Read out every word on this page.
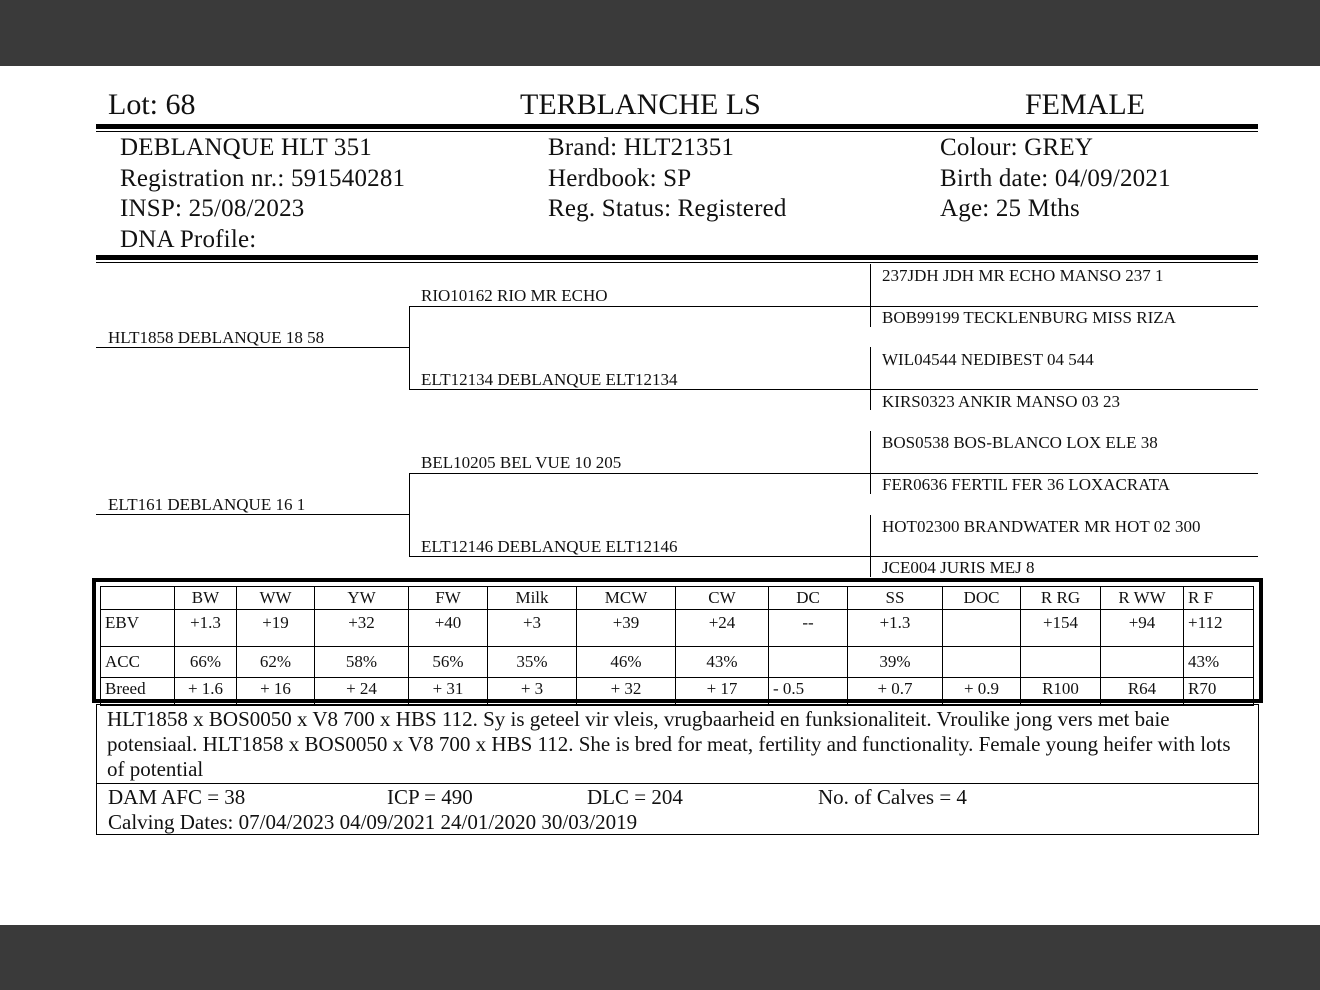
Lot: 68	TERBLANCHE LS	FEMALE
DEBLANQUE HLT 351
Registration nr.: 591540281
INSP: 25/08/2023
DNA Profile:
Brand: HLT21351
Herdbook: SP
Reg. Status: Registered
Colour: GREY
Birth date: 04/09/2021
Age: 25 Mths
HLT1858 DEBLANQUE 18 58
ELT161 DEBLANQUE 16 1
RIO10162 RIO MR ECHO
ELT12134 DEBLANQUE ELT12134
BEL10205 BEL VUE 10 205
ELT12146 DEBLANQUE ELT12146
237JDH JDH MR ECHO MANSO 237 1
BOB99199 TECKLENBURG MISS RIZA
WIL04544 NEDIBEST 04 544
KIRS0323 ANKIR MANSO 03 23
BOS0538 BOS-BLANCO LOX ELE 38
FER0636 FERTIL FER 36 LOXACRATA
HOT02300 BRANDWATER MR HOT 02 300
JCE004 JURIS MEJ 8
	BW	WW	YW	FW	Milk	MCW	CW	DC	SS	DOC	R RG	R WW	R F
EBV	+1.3	+19	+32	+40	+3	+39	+24	--	+1.3		+154	+94	+112
ACC	66%	62%	58%	56%	35%	46%	43%		39%				43%
Breed	+ 1.6	+ 16	+ 24	+ 31	+ 3	+ 32	+ 17	- 0.5	+ 0.7	+ 0.9	R100	R64	R70
HLT1858 x BOS0050 x V8 700 x HBS 112. Sy is geteel vir vleis, vrugbaarheid en funksionaliteit. Vroulike jong vers met baie potensiaal. HLT1858 x BOS0050 x V8 700 x HBS 112. She is bred for meat, fertility and functionality. Female young heifer with lots of potential
DAM AFC = 38	ICP = 490	DLC = 204	No. of Calves = 4
Calving Dates: 07/04/2023 04/09/2021 24/01/2020 30/03/2019
